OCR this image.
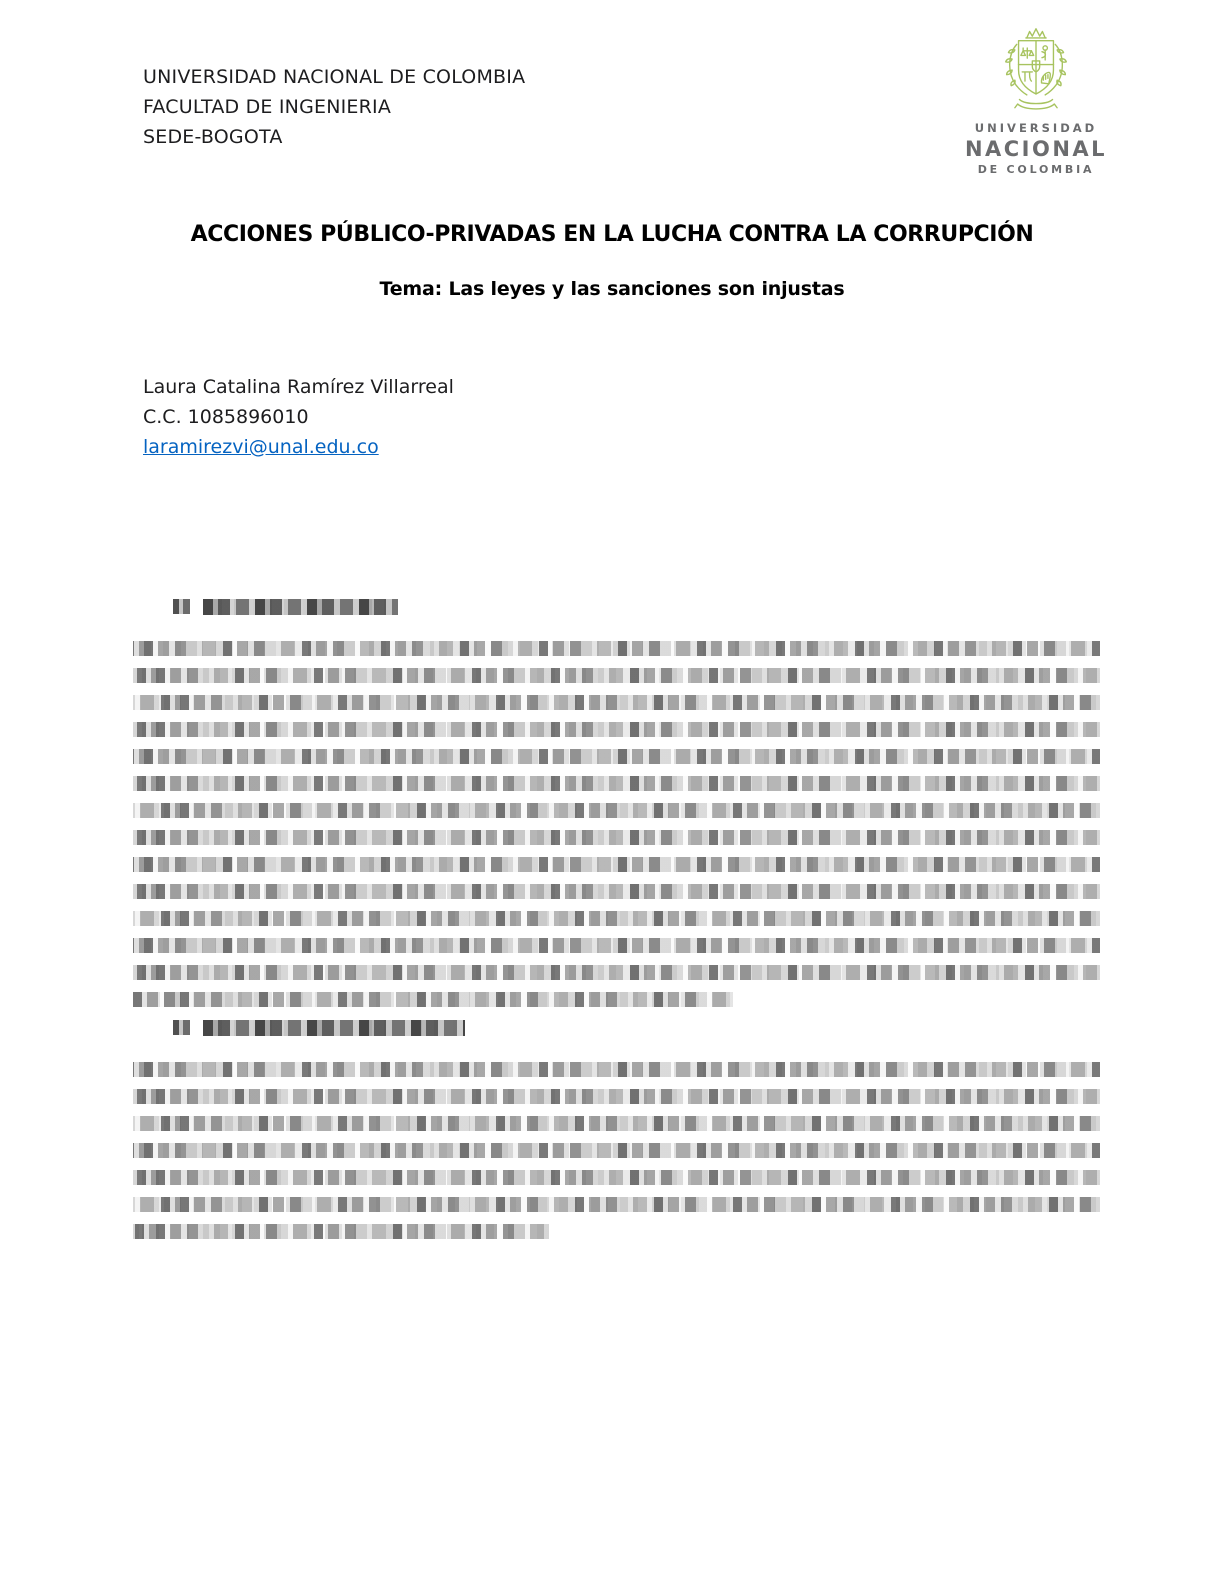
UNIVERSIDAD NACIONAL DE COLOMBIA
FACULTAD DE INGENIERIA
SEDE-BOGOTA	UNIVERSIDAD
NACIONAL
DE COLOMBIA
ACCIONES PÚBLICO-PRIVADAS EN LA LUCHA CONTRA LA CORRUPCIÓN
Tema: Las leyes y las sanciones son injustas
Laura Catalina Ramírez Villarreal
C.C. 1085896010
laramirezvi@unal.edu.co
